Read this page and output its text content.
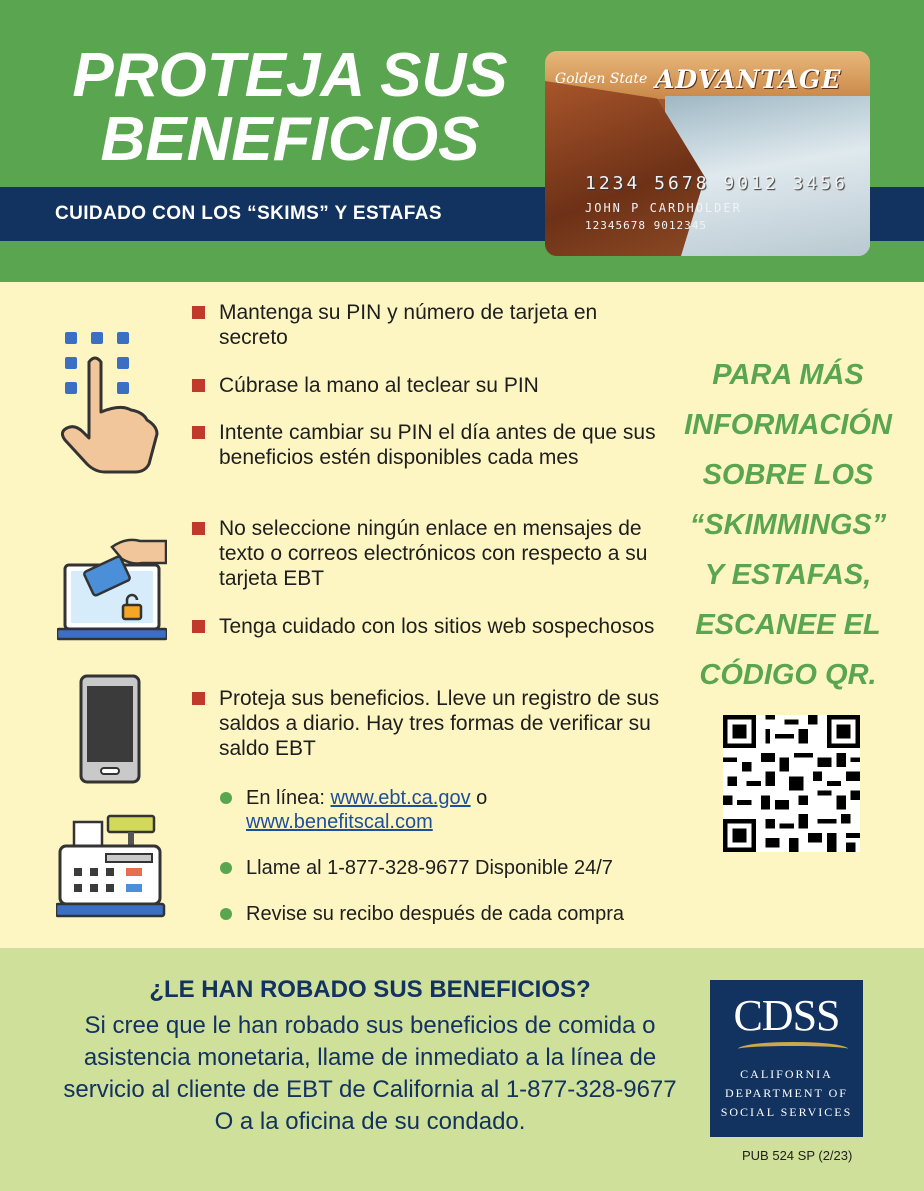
PROTEJA SUS
BENEFICIOS
CUIDADO CON LOS “SKIMS” Y ESTAFAS
Golden State ADVANTAGE
1234 5678 9012 3456
JOHN P CARDHOLDER
12345678 9012345
Mantenga su PIN y número de tarjeta en secreto
Cúbrase la mano al teclear su PIN
Intente cambiar su PIN el día antes de que sus beneficios estén disponibles cada mes
No seleccione ningún enlace en mensajes de texto o correos electrónicos con respecto a su tarjeta EBT
Tenga cuidado con los sitios web sospechosos
Proteja sus beneficios. Lleve un registro de sus saldos a diario. Hay tres formas de verificar su saldo EBT
En línea: www.ebt.ca.gov o
www.benefitscal.com
Llame al 1-877-328-9677 Disponible 24/7
Revise su recibo después de cada compra
PARA MÁS
INFORMACIÓN
SOBRE LOS
“SKIMMINGS”
Y ESTAFAS,
ESCANEE EL
CÓDIGO QR.
¿LE HAN ROBADO SUS BENEFICIOS?
Si cree que le han robado sus beneficios de comida o asistencia monetaria, llame de inmediato a la línea de servicio al cliente de EBT de California al 1-877-328-9677 O a la oficina de su condado.
CDSS
CALIFORNIA
DEPARTMENT OF
SOCIAL SERVICES
PUB 524 SP (2/23)
